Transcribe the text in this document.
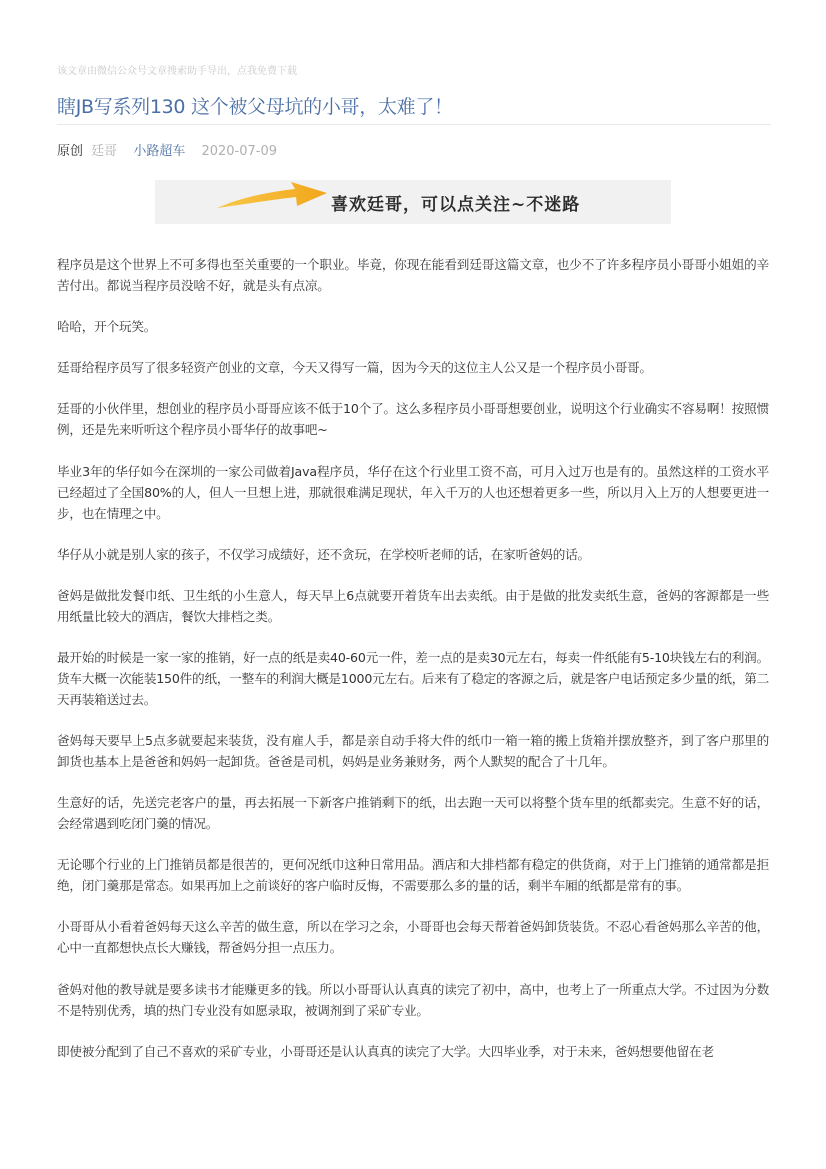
该文章由微信公众号文章搜索助手导出，点我免费下载
瞎JB写系列130 这个被父母坑的小哥，太难了！
原创 廷哥 小路超车 2020-07-09
喜欢廷哥，可以点关注~不迷路

程序员是这个世界上不可多得也至关重要的一个职业。毕竟，你现在能看到廷哥这篇文章，也少不了许多程序员小哥哥小姐姐的辛苦付出。都说当程序员没啥不好，就是头有点凉。

哈哈，开个玩笑。

廷哥给程序员写了很多轻资产创业的文章，今天又得写一篇，因为今天的这位主人公又是一个程序员小哥哥。

廷哥的小伙伴里，想创业的程序员小哥哥应该不低于10个了。这么多程序员小哥哥想要创业，说明这个行业确实不容易啊！按照惯例，还是先来听听这个程序员小哥华仔的故事吧~

毕业3年的华仔如今在深圳的一家公司做着Java程序员，华仔在这个行业里工资不高，可月入过万也是有的。虽然这样的工资水平已经超过了全国80%的人，但人一旦想上进，那就很难满足现状，年入千万的人也还想着更多一些，所以月入上万的人想要更进一步，也在情理之中。

华仔从小就是别人家的孩子，不仅学习成绩好，还不贪玩，在学校听老师的话，在家听爸妈的话。

爸妈是做批发餐巾纸、卫生纸的小生意人，每天早上6点就要开着货车出去卖纸。由于是做的批发卖纸生意，爸妈的客源都是一些用纸量比较大的酒店，餐饮大排档之类。

最开始的时候是一家一家的推销，好一点的纸是卖40-60元一件，差一点的是卖30元左右，每卖一件纸能有5-10块钱左右的利润。货车大概一次能装150件的纸，一整车的利润大概是1000元左右。后来有了稳定的客源之后，就是客户电话预定多少量的纸，第二天再装箱送过去。

爸妈每天要早上5点多就要起来装货，没有雇人手，都是亲自动手将大件的纸巾一箱一箱的搬上货箱并摆放整齐，到了客户那里的卸货也基本上是爸爸和妈妈一起卸货。爸爸是司机，妈妈是业务兼财务，两个人默契的配合了十几年。

生意好的话，先送完老客户的量，再去拓展一下新客户推销剩下的纸，出去跑一天可以将整个货车里的纸都卖完。生意不好的话，会经常遇到吃闭门羹的情况。

无论哪个行业的上门推销员都是很苦的，更何况纸巾这种日常用品。酒店和大排档都有稳定的供货商，对于上门推销的通常都是拒绝，闭门羹那是常态。如果再加上之前谈好的客户临时反悔，不需要那么多的量的话，剩半车厢的纸都是常有的事。

小哥哥从小看着爸妈每天这么辛苦的做生意，所以在学习之余，小哥哥也会每天帮着爸妈卸货装货。不忍心看爸妈那么辛苦的他，心中一直都想快点长大赚钱，帮爸妈分担一点压力。

爸妈对他的教导就是要多读书才能赚更多的钱。所以小哥哥认认真真的读完了初中，高中，也考上了一所重点大学。不过因为分数不是特别优秀，填的热门专业没有如愿录取，被调剂到了采矿专业。

即使被分配到了自己不喜欢的采矿专业，小哥哥还是认认真真的读完了大学。大四毕业季，对于未来，爸妈想要他留在老
